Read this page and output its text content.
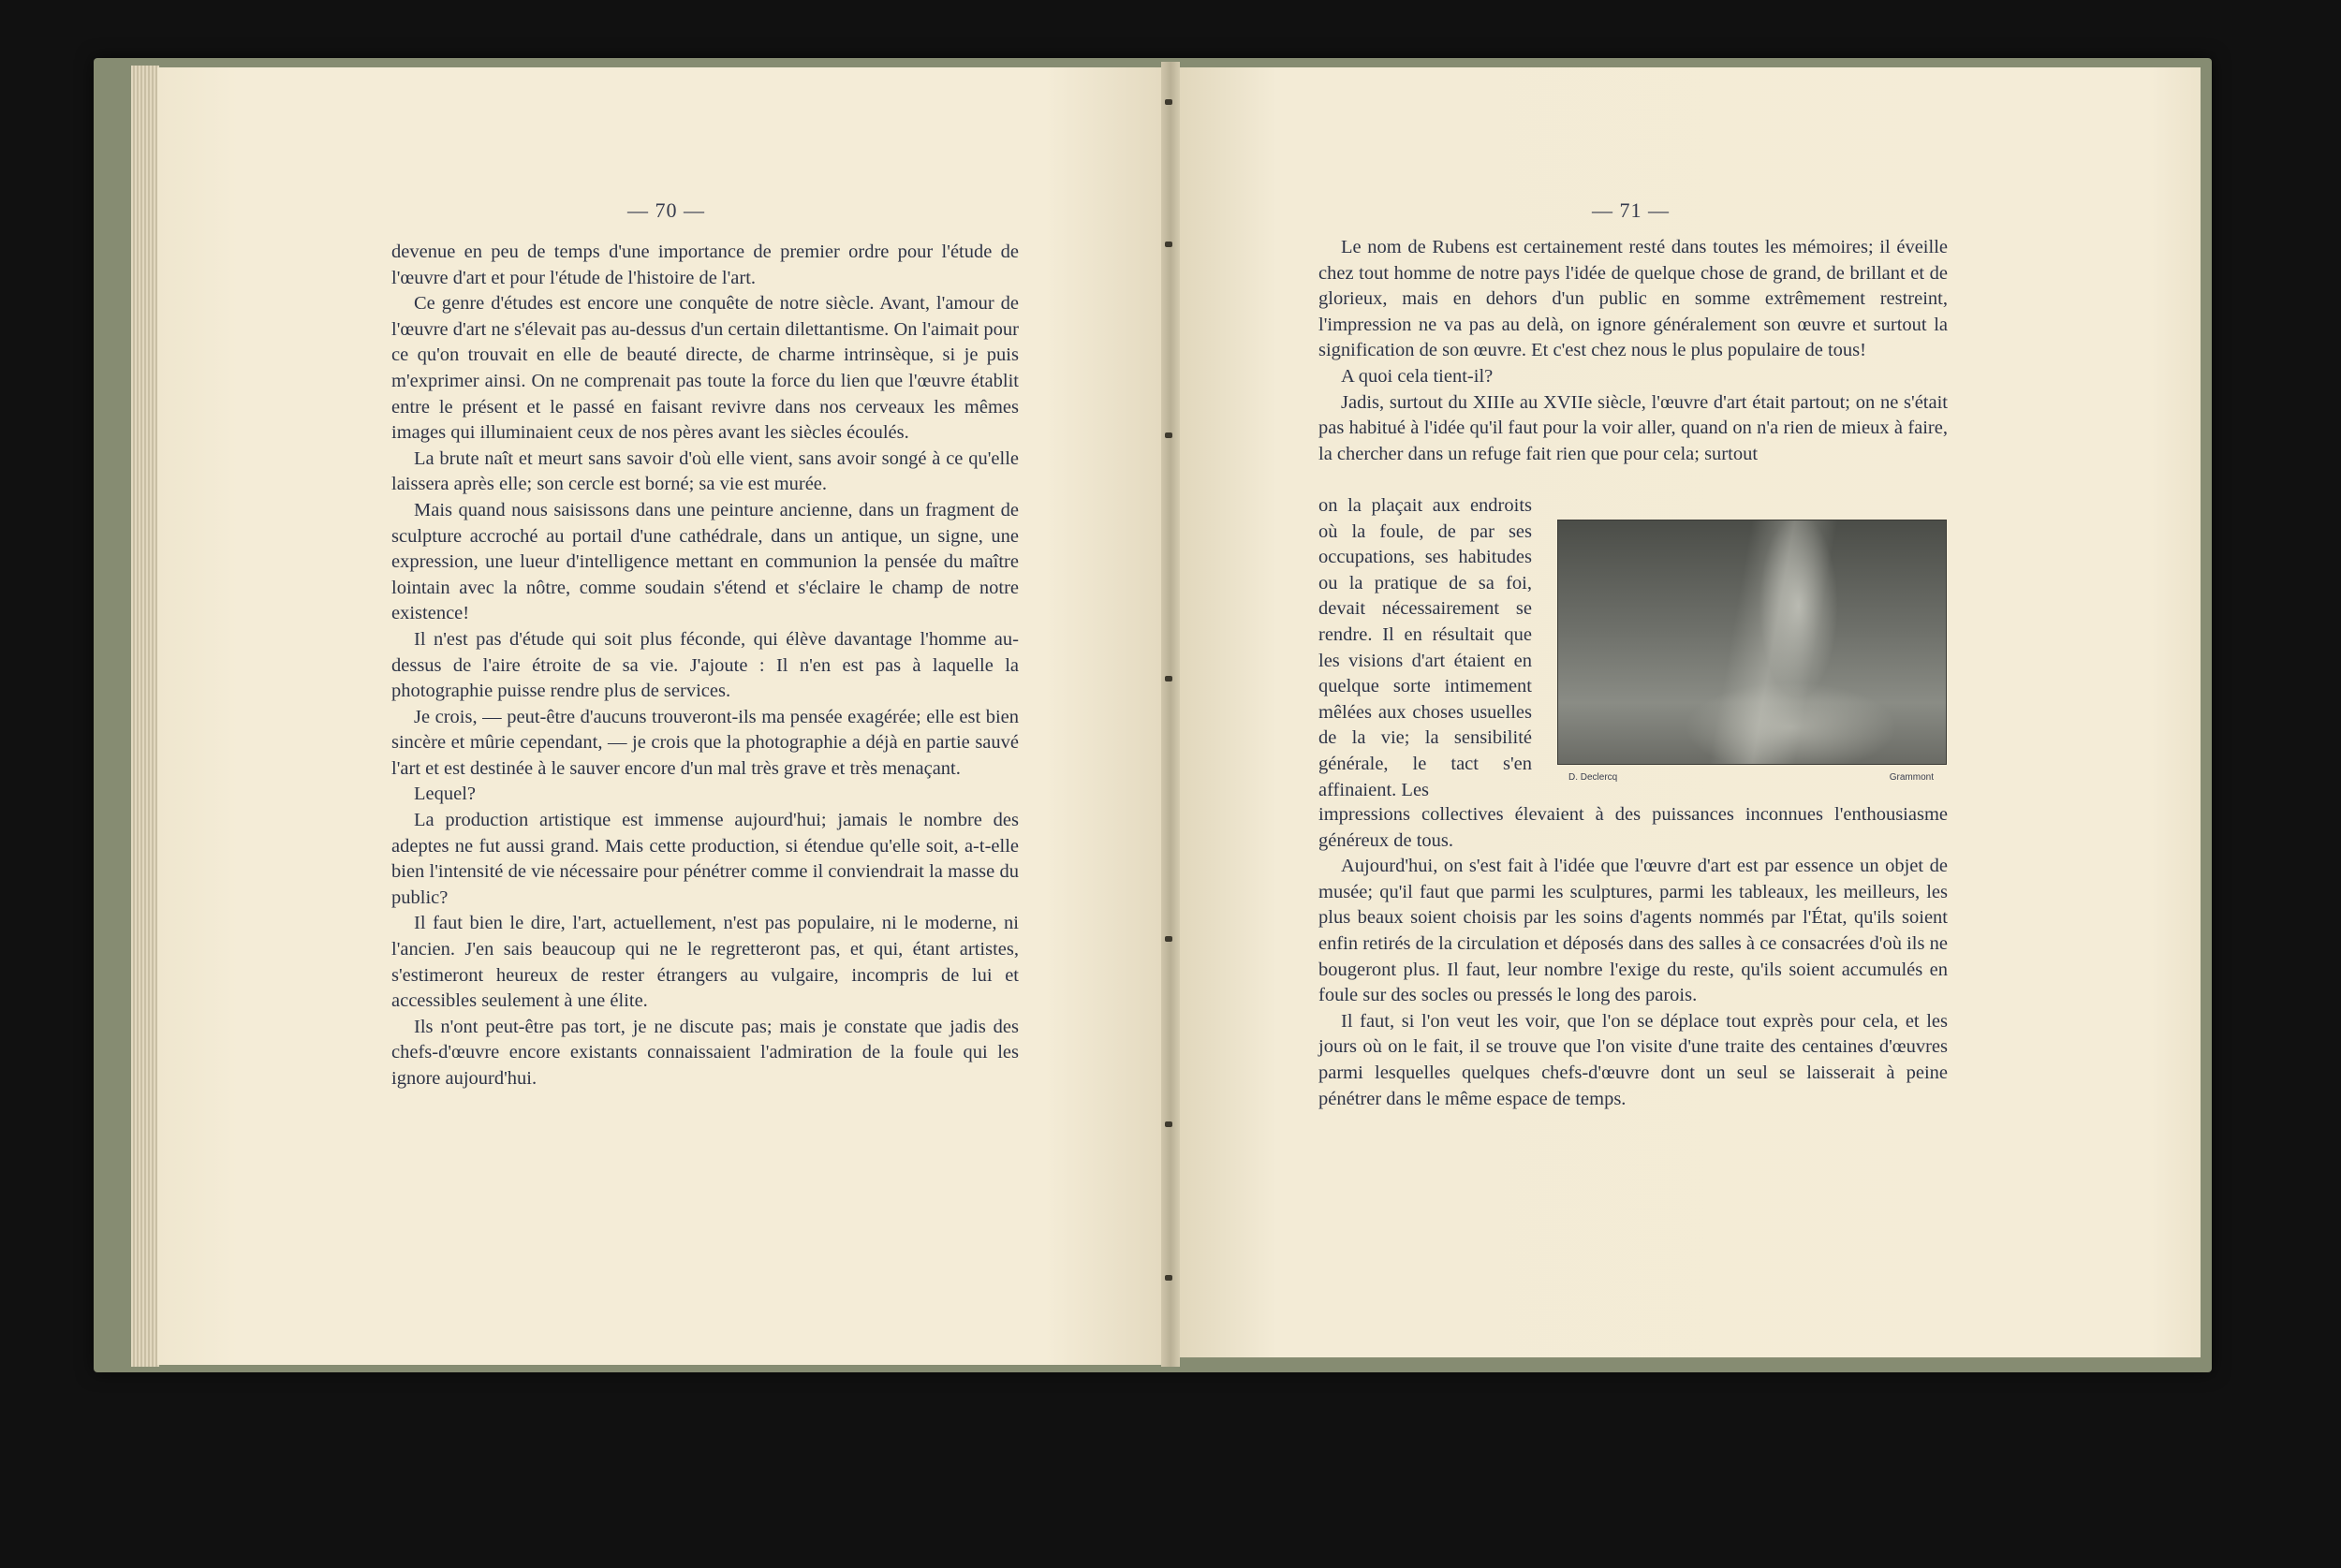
— 70 —

devenue en peu de temps d'une importance de premier ordre pour l'étude de l'œuvre d'art et pour l'étude de l'histoire de l'art.

Ce genre d'études est encore une conquête de notre siècle. Avant, l'amour de l'œuvre d'art ne s'élevait pas au-dessus d'un certain dilettantisme. On l'aimait pour ce qu'on trouvait en elle de beauté directe, de charme intrinsèque, si je puis m'exprimer ainsi. On ne comprenait pas toute la force du lien que l'œuvre établit entre le présent et le passé en faisant revivre dans nos cerveaux les mêmes images qui illuminaient ceux de nos pères avant les siècles écoulés.

La brute naît et meurt sans savoir d'où elle vient, sans avoir songé à ce qu'elle laissera après elle; son cercle est borné; sa vie est murée.

Mais quand nous saisissons dans une peinture ancienne, dans un fragment de sculpture accroché au portail d'une cathédrale, dans un antique, un signe, une expression, une lueur d'intelligence mettant en communion la pensée du maître lointain avec la nôtre, comme soudain s'étend et s'éclaire le champ de notre existence!

Il n'est pas d'étude qui soit plus féconde, qui élève davantage l'homme au-dessus de l'aire étroite de sa vie. J'ajoute : Il n'en est pas à laquelle la photographie puisse rendre plus de services.

Je crois, — peut-être d'aucuns trouveront-ils ma pensée exagérée; elle est bien sincère et mûrie cependant, — je crois que la photographie a déjà en partie sauvé l'art et est destinée à le sauver encore d'un mal très grave et très menaçant.

Lequel?

La production artistique est immense aujourd'hui; jamais le nombre des adeptes ne fut aussi grand. Mais cette production, si étendue qu'elle soit, a-t-elle bien l'intensité de vie nécessaire pour pénétrer comme il conviendrait la masse du public?

Il faut bien le dire, l'art, actuellement, n'est pas populaire, ni le moderne, ni l'ancien. J'en sais beaucoup qui ne le regretteront pas, et qui, étant artistes, s'estimeront heureux de rester étrangers au vulgaire, incompris de lui et accessibles seulement à une élite.

Ils n'ont peut-être pas tort, je ne discute pas; mais je constate que jadis des chefs-d'œuvre encore existants connaissaient l'admiration de la foule qui les ignore aujourd'hui.

— 71 —

Le nom de Rubens est certainement resté dans toutes les mémoires; il éveille chez tout homme de notre pays l'idée de quelque chose de grand, de brillant et de glorieux, mais en dehors d'un public en somme extrêmement restreint, l'impression ne va pas au delà, on ignore généralement son œuvre et surtout la signification de son œuvre. Et c'est chez nous le plus populaire de tous!

A quoi cela tient-il?

Jadis, surtout du XIIIe au XVIIe siècle, l'œuvre d'art était partout; on ne s'était pas habitué à l'idée qu'il faut pour la voir aller, quand on n'a rien de mieux à faire, la chercher dans un refuge fait rien que pour cela; surtout

on la plaçait aux endroits où la foule, de par ses occupations, ses habitudes ou la pratique de sa foi, devait nécessairement se rendre. Il en résultait que les visions d'art étaient en quelque sorte intimement mêlées aux choses usuelles de la vie; la sensibilité générale, le tact s'en affinaient. Les

D. Declercq	Grammont

impressions collectives élevaient à des puissances inconnues l'enthousiasme généreux de tous.

Aujourd'hui, on s'est fait à l'idée que l'œuvre d'art est par essence un objet de musée; qu'il faut que parmi les sculptures, parmi les tableaux, les meilleurs, les plus beaux soient choisis par les soins d'agents nommés par l'État, qu'ils soient enfin retirés de la circulation et déposés dans des salles à ce consacrées d'où ils ne bougeront plus. Il faut, leur nombre l'exige du reste, qu'ils soient accumulés en foule sur des socles ou pressés le long des parois.

Il faut, si l'on veut les voir, que l'on se déplace tout exprès pour cela, et les jours où on le fait, il se trouve que l'on visite d'une traite des centaines d'œuvres parmi lesquelles quelques chefs-d'œuvre dont un seul se laisserait à peine pénétrer dans le même espace de temps.
